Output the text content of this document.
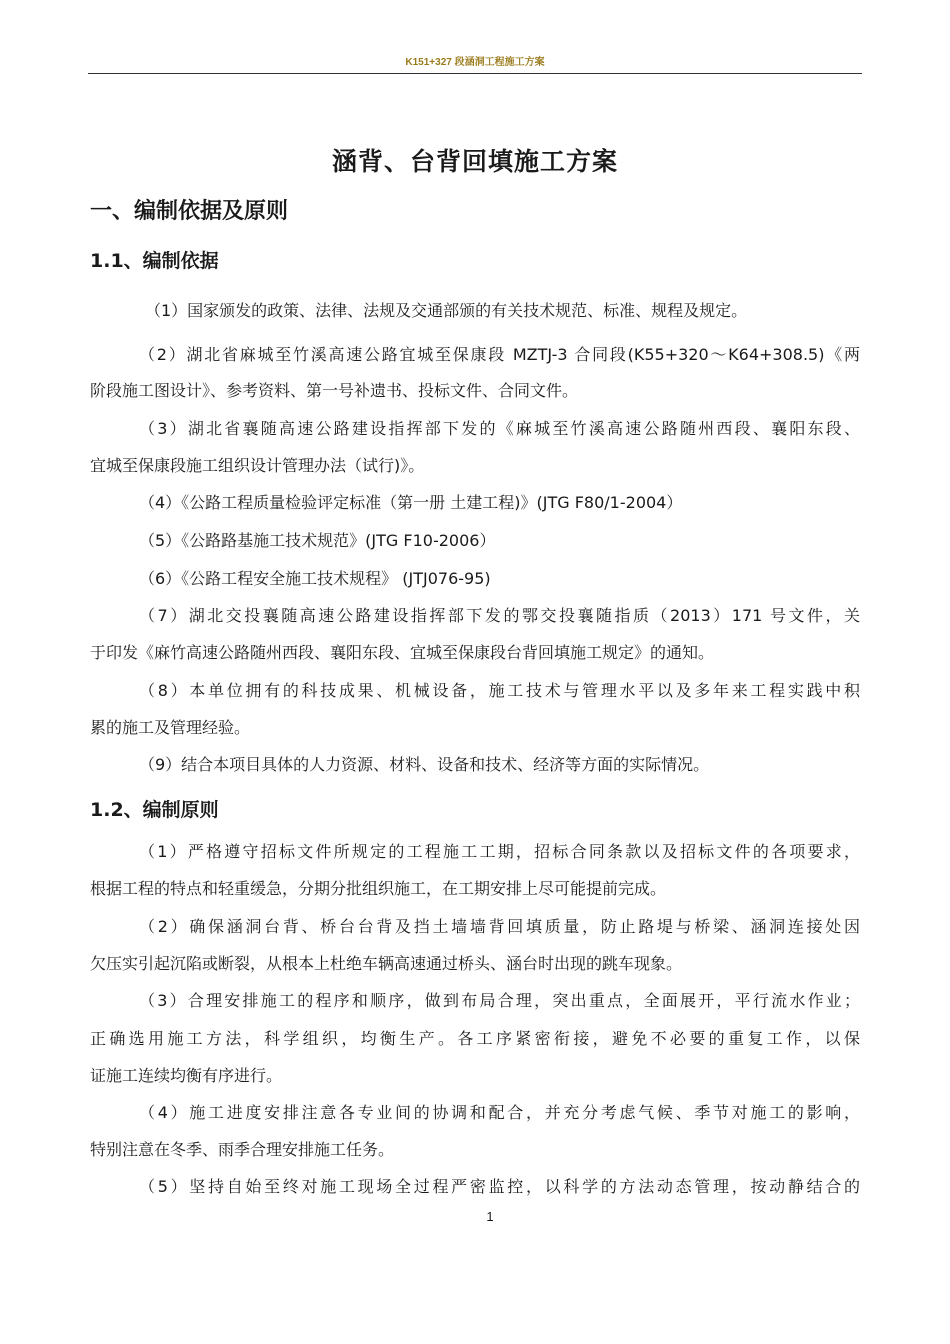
K151+327 段涵洞工程施工方案
涵背、台背回填施工方案
一、编制依据及原则
1.1、编制依据
（1）国家颁发的政策、法律、法规及交通部颁的有关技术规范、标准、规程及规定。
（2）湖北省麻城至竹溪高速公路宜城至保康段 MZTJ-3 合同段(K55+320～K64+308.5)《两
阶段施工图设计》、参考资料、第一号补遗书、投标文件、合同文件。
（3）湖北省襄随高速公路建设指挥部下发的《麻城至竹溪高速公路随州西段、襄阳东段、
宜城至保康段施工组织设计管理办法（试行)》。
（4）《公路工程质量检验评定标准（第一册 土建工程)》(JTG F80/1-2004）
（5）《公路路基施工技术规范》(JTG F10-2006）
（6）《公路工程安全施工技术规程》 (JTJ076-95)
（7）湖北交投襄随高速公路建设指挥部下发的鄂交投襄随指质（2013）171 号文件，关
于印发《麻竹高速公路随州西段、襄阳东段、宜城至保康段台背回填施工规定》的通知。
（8）本单位拥有的科技成果、机械设备，施工技术与管理水平以及多年来工程实践中积
累的施工及管理经验。
（9）结合本项目具体的人力资源、材料、设备和技术、经济等方面的实际情况。
1.2、编制原则
（1）严格遵守招标文件所规定的工程施工工期，招标合同条款以及招标文件的各项要求，
根据工程的特点和轻重缓急，分期分批组织施工，在工期安排上尽可能提前完成。
（2）确保涵洞台背、桥台台背及挡土墙墙背回填质量，防止路堤与桥梁、涵洞连接处因
欠压实引起沉陷或断裂，从根本上杜绝车辆高速通过桥头、涵台时出现的跳车现象。
（3）合理安排施工的程序和顺序，做到布局合理，突出重点，全面展开，平行流水作业；
正确选用施工方法，科学组织，均衡生产。各工序紧密衔接，避免不必要的重复工作，以保
证施工连续均衡有序进行。
（4）施工进度安排注意各专业间的协调和配合，并充分考虑气候、季节对施工的影响，
特别注意在冬季、雨季合理安排施工任务。
（5）坚持自始至终对施工现场全过程严密监控，以科学的方法动态管理，按动静结合的
1
